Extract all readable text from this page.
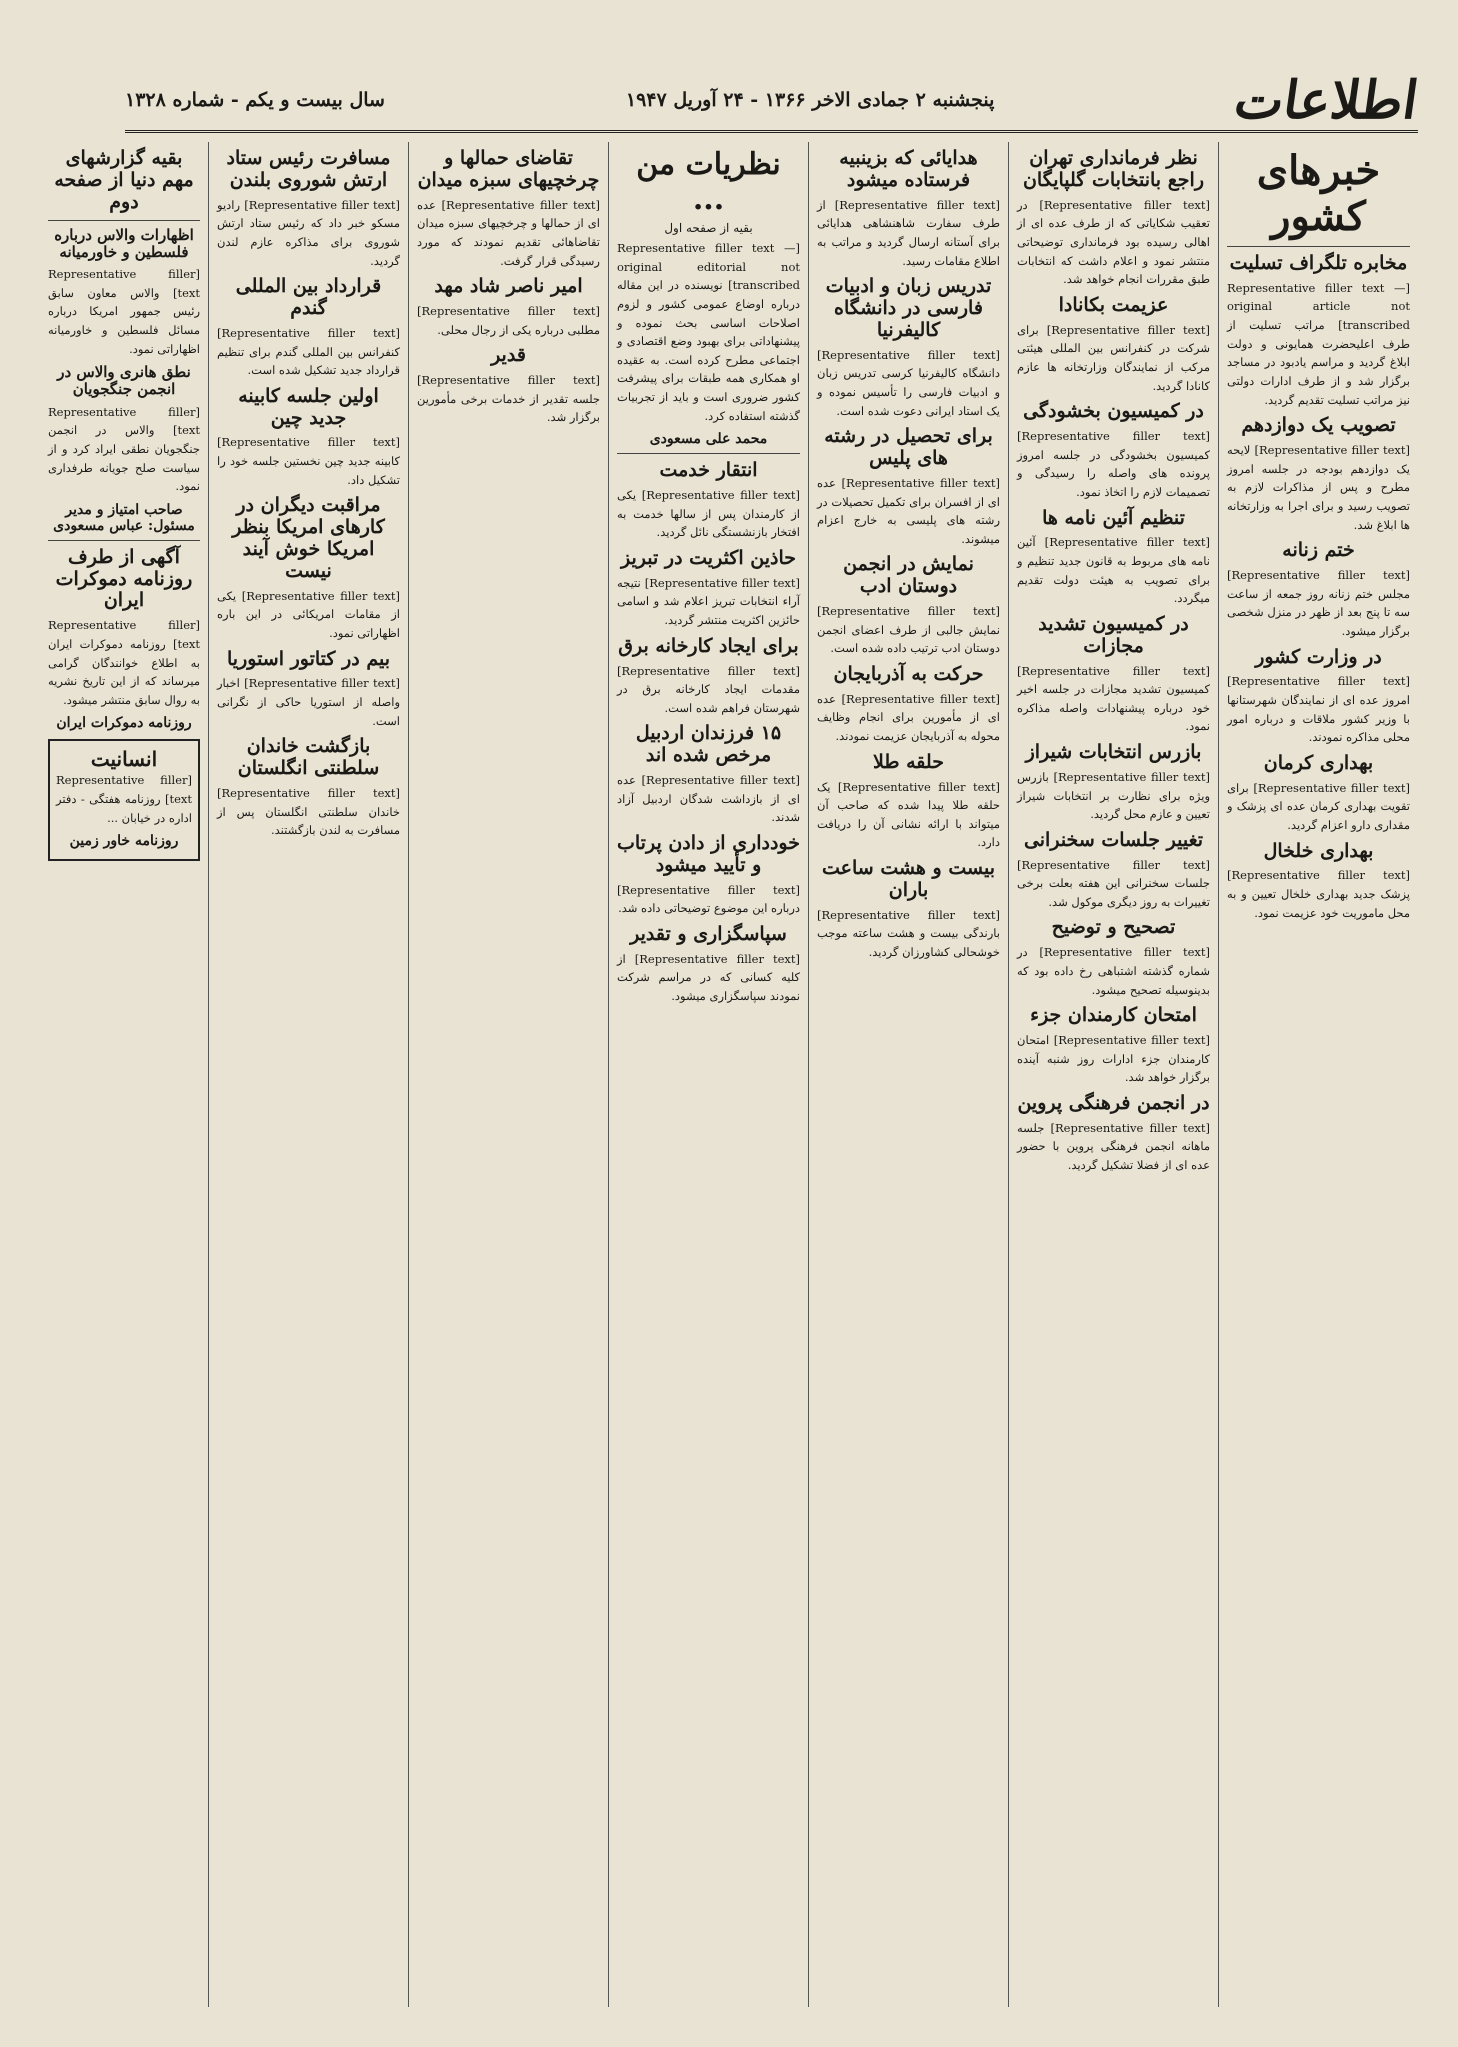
اطلاعات
پنجشنبه ۲ جمادی الاخر ۱۳۶۶ - ۲۴ آوریل ۱۹۴۷
سال بیست و یکم - شماره ۱۳۲۸
خبرهای کشور
مخابره تلگراف تسلیت

[Representative filler text — original article not transcribed] مراتب تسلیت از طرف اعلیحضرت همایونی و دولت ابلاغ گردید و مراسم یادبود در مساجد برگزار شد و از طرف ادارات دولتی نیز مراتب تسلیت تقدیم گردید.

تصویب یک دوازدهم

[Representative filler text] لایحه یک دوازدهم بودجه در جلسه امروز مطرح و پس از مذاکرات لازم به تصویب رسید و برای اجرا به وزارتخانه ها ابلاغ شد.

ختم زنانه

[Representative filler text] مجلس ختم زنانه روز جمعه از ساعت سه تا پنج بعد از ظهر در منزل شخصی برگزار میشود.

در وزارت کشور

[Representative filler text] امروز عده ای از نمایندگان شهرستانها با وزیر کشور ملاقات و درباره امور محلی مذاکره نمودند.

بهداری کرمان

[Representative filler text] برای تقویت بهداری کرمان عده ای پزشک و مقداری دارو اعزام گردید.

بهداری خلخال

[Representative filler text] پزشک جدید بهداری خلخال تعیین و به محل ماموریت خود عزیمت نمود.

نظر فرمانداری تهران راجع بانتخابات گلپایگان

[Representative filler text] در تعقیب شکایاتی که از طرف عده ای از اهالی رسیده بود فرمانداری توضیحاتی منتشر نمود و اعلام داشت که انتخابات طبق مقررات انجام خواهد شد.

عزیمت بکانادا

[Representative filler text] برای شرکت در کنفرانس بین المللی هیئتی مرکب از نمایندگان وزارتخانه ها عازم کانادا گردید.

در کمیسیون بخشودگی

[Representative filler text] کمیسیون بخشودگی در جلسه امروز پرونده های واصله را رسیدگی و تصمیمات لازم را اتخاذ نمود.

تنظیم آئین نامه ها

[Representative filler text] آئین نامه های مربوط به قانون جدید تنظیم و برای تصویب به هیئت دولت تقدیم میگردد.

در کمیسیون تشدید مجازات

[Representative filler text] کمیسیون تشدید مجازات در جلسه اخیر خود درباره پیشنهادات واصله مذاکره نمود.

بازرس انتخابات شیراز

[Representative filler text] بازرس ویژه برای نظارت بر انتخابات شیراز تعیین و عازم محل گردید.

تغییر جلسات سخنرانی

[Representative filler text] جلسات سخنرانی این هفته بعلت برخی تغییرات به روز دیگری موکول شد.

تصحیح و توضیح

[Representative filler text] در شماره گذشته اشتباهی رخ داده بود که بدینوسیله تصحیح میشود.

امتحان کارمندان جزء

[Representative filler text] امتحان کارمندان جزء ادارات روز شنبه آینده برگزار خواهد شد.

در انجمن فرهنگی پروین

[Representative filler text] جلسه ماهانه انجمن فرهنگی پروین با حضور عده ای از فضلا تشکیل گردید.

هدایائی که بزینبیه فرستاده میشود

[Representative filler text] از طرف سفارت شاهنشاهی هدایائی برای آستانه ارسال گردید و مراتب به اطلاع مقامات رسید.

تدریس زبان و ادبیات فارسی در دانشگاه کالیفرنیا

[Representative filler text] دانشگاه کالیفرنیا کرسی تدریس زبان و ادبیات فارسی را تأسیس نموده و یک استاد ایرانی دعوت شده است.

برای تحصیل در رشته های پلیس

[Representative filler text] عده ای از افسران برای تکمیل تحصیلات در رشته های پلیسی به خارج اعزام میشوند.

نمایش در انجمن دوستان ادب

[Representative filler text] نمایش جالبی از طرف اعضای انجمن دوستان ادب ترتیب داده شده است.

حرکت به آذربایجان

[Representative filler text] عده ای از مأمورین برای انجام وظایف محوله به آذربایجان عزیمت نمودند.

حلقه طلا

[Representative filler text] یک حلقه طلا پیدا شده که صاحب آن میتواند با ارائه نشانی آن را دریافت دارد.

بیست و هشت ساعت باران

[Representative filler text] بارندگی بیست و هشت ساعته موجب خوشحالی کشاورزان گردید.

نظریات من ...
بقیه از صفحه اول

[Representative filler text — original editorial not transcribed] نویسنده در این مقاله درباره اوضاع عمومی کشور و لزوم اصلاحات اساسی بحث نموده و پیشنهاداتی برای بهبود وضع اقتصادی و اجتماعی مطرح کرده است. به عقیده او همکاری همه طبقات برای پیشرفت کشور ضروری است و باید از تجربیات گذشته استفاده کرد.

محمد علی مسعودی
انتقار خدمت

[Representative filler text] یکی از کارمندان پس از سالها خدمت به افتخار بازنشستگی نائل گردید.

حاذین اکثریت در تبریز

[Representative filler text] نتیجه آراء انتخابات تبریز اعلام شد و اسامی حائزین اکثریت منتشر گردید.

برای ایجاد کارخانه برق

[Representative filler text] مقدمات ایجاد کارخانه برق در شهرستان فراهم شده است.

۱۵ فرزندان اردبیل مرخص شده اند

[Representative filler text] عده ای از بازداشت شدگان اردبیل آزاد شدند.

خودداری از دادن پرتاب و تأیید میشود

[Representative filler text] درباره این موضوع توضیحاتی داده شد.

سپاسگزاری و تقدیر

[Representative filler text] از کلیه کسانی که در مراسم شرکت نمودند سپاسگزاری میشود.

تقاضای حمالها و چرخچیهای سبزه میدان

[Representative filler text] عده ای از حمالها و چرخچیهای سبزه میدان تقاضاهائی تقدیم نمودند که مورد رسیدگی قرار گرفت.

امیر ناصر شاد مهد

[Representative filler text] مطلبی درباره یکی از رجال محلی.

قدیر

[Representative filler text] جلسه تقدیر از خدمات برخی مأمورین برگزار شد.

مسافرت رئیس ستاد ارتش شوروی بلندن

[Representative filler text] رادیو مسکو خبر داد که رئیس ستاد ارتش شوروی برای مذاکره عازم لندن گردید.

قرارداد بین المللی گندم

[Representative filler text] کنفرانس بین المللی گندم برای تنظیم قرارداد جدید تشکیل شده است.

اولین جلسه کابینه جدید چین

[Representative filler text] کابینه جدید چین نخستین جلسه خود را تشکیل داد.

مراقبت دیگران در کارهای امریکا بنظر امریکا خوش آیند نیست

[Representative filler text] یکی از مقامات امریکائی در این باره اظهاراتی نمود.

بیم در کتاتور استوریا

[Representative filler text] اخبار واصله از استوریا حاکی از نگرانی است.

بازگشت خاندان سلطنتی انگلستان

[Representative filler text] خاندان سلطنتی انگلستان پس از مسافرت به لندن بازگشتند.

بقیه گزارشهای مهم دنیا از صفحه دوم
اظهارات والاس درباره فلسطین و خاورمیانه

[Representative filler text] والاس معاون سابق رئیس جمهور امریکا درباره مسائل فلسطین و خاورمیانه اظهاراتی نمود.

نطق هانری والاس در انجمن جنگجویان

[Representative filler text] والاس در انجمن جنگجویان نطقی ایراد کرد و از سیاست صلح جویانه طرفداری نمود.

صاحب امتیاز و مدیر مسئول: عباس مسعودی
آگهی از طرف روزنامه دموکرات ایران

[Representative filler text] روزنامه دموکرات ایران به اطلاع خوانندگان گرامی میرساند که از این تاریخ نشریه به روال سابق منتشر میشود.

روزنامه دموکرات ایران
انسانیت

[Representative filler text] روزنامه هفتگی - دفتر اداره در خیابان ...

روزنامه خاور زمین
